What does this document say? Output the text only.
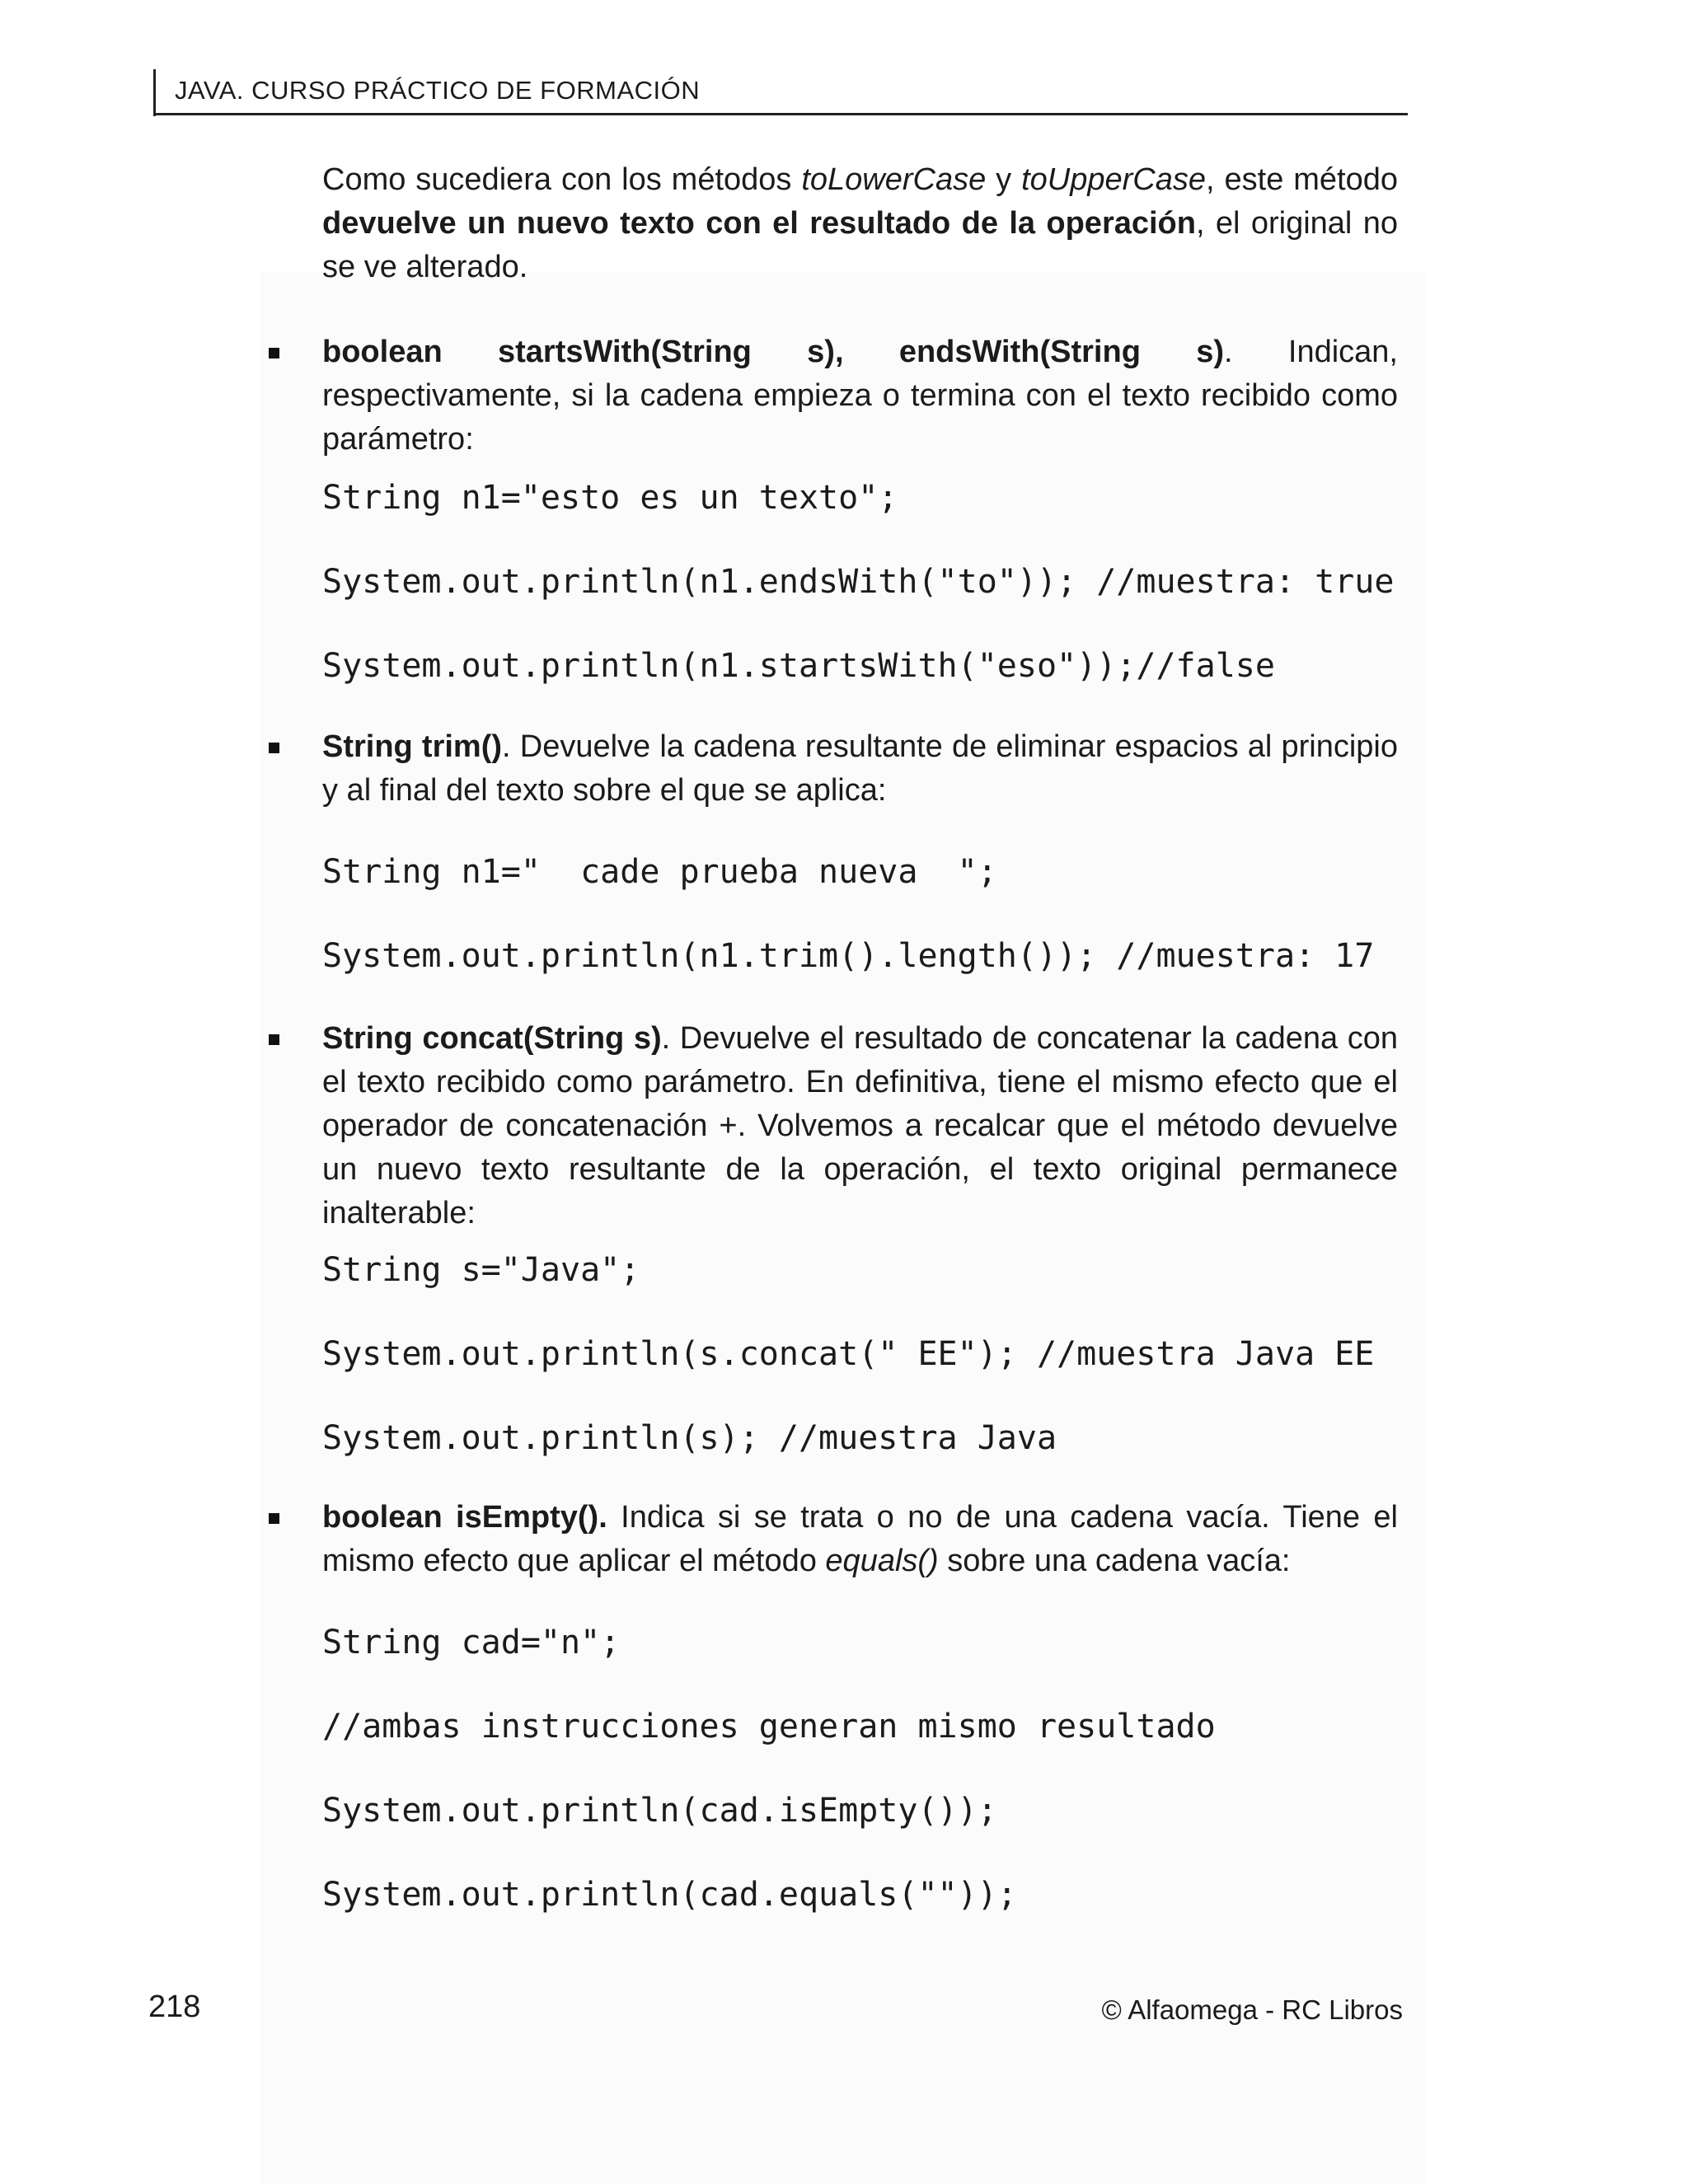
JAVA. CURSO PRÁCTICO DE FORMACIÓN

Como sucediera con los métodos toLowerCase y toUpperCase, este método devuelve un nuevo texto con el resultado de la operación, el original no se ve alterado.

boolean startsWith(String s), endsWith(String s). Indican, respectivamente, si la cadena empieza o termina con el texto recibido como parámetro:

String n1="esto es un texto";
System.out.println(n1.endsWith("to")); //muestra: true
System.out.println(n1.startsWith("eso"));//false

String trim(). Devuelve la cadena resultante de eliminar espacios al principio y al final del texto sobre el que se aplica:

String n1="  cade prueba nueva  ";
System.out.println(n1.trim().length()); //muestra: 17

String concat(String s). Devuelve el resultado de concatenar la cadena con el texto recibido como parámetro. En definitiva, tiene el mismo efecto que el operador de concatenación +. Volvemos a recalcar que el método devuelve un nuevo texto resultante de la operación, el texto original permanece inalterable:

String s="Java";
System.out.println(s.concat(" EE"); //muestra Java EE
System.out.println(s); //muestra Java

boolean isEmpty(). Indica si se trata o no de una cadena vacía. Tiene el mismo efecto que aplicar el método equals() sobre una cadena vacía:

String cad="n";
//ambas instrucciones generan mismo resultado
System.out.println(cad.isEmpty());
System.out.println(cad.equals(""));
218	© Alfaomega - RC Libros
